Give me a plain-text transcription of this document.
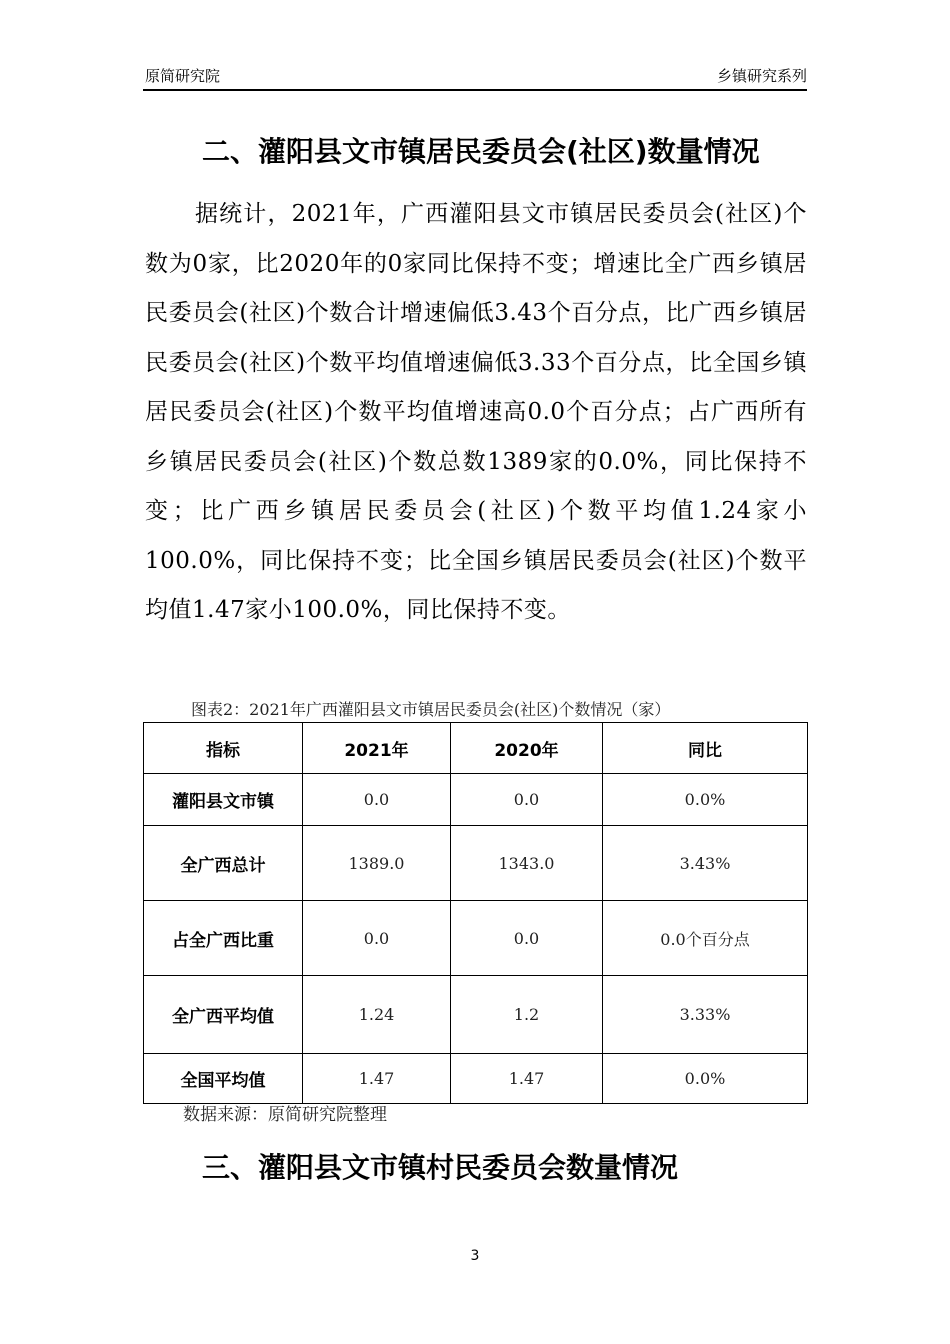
原简研究院	乡镇研究系列
二、灌阳县文市镇居民委员会(社区)数量情况

据统计，2021年，广西灌阳县文市镇居民委员会(社区)个数为0家，比2020年的0家同比保持不变；增速比全广西乡镇居民委员会(社区)个数合计增速偏低3.43个百分点，比广西乡镇居民委员会(社区)个数平均值增速偏低3.33个百分点，比全国乡镇居民委员会(社区)个数平均值增速高0.0个百分点；占广西所有乡镇居民委员会(社区)个数总数1389家的0.0%，同比保持不变；比广西乡镇居民委员会(社区)个数平均值1.24家小100.0%，同比保持不变；比全国乡镇居民委员会(社区)个数平均值1.47家小100.0%，同比保持不变。

图表2：2021年广西灌阳县文市镇居民委员会(社区)个数情况（家）
指标	2021年	2020年	同比
灌阳县文市镇	0.0	0.0	0.0%
全广西总计	1389.0	1343.0	3.43%
占全广西比重	0.0	0.0	0.0个百分点
全广西平均值	1.24	1.2	3.33%
全国平均值	1.47	1.47	0.0%
数据来源：原简研究院整理
三、灌阳县文市镇村民委员会数量情况
3
